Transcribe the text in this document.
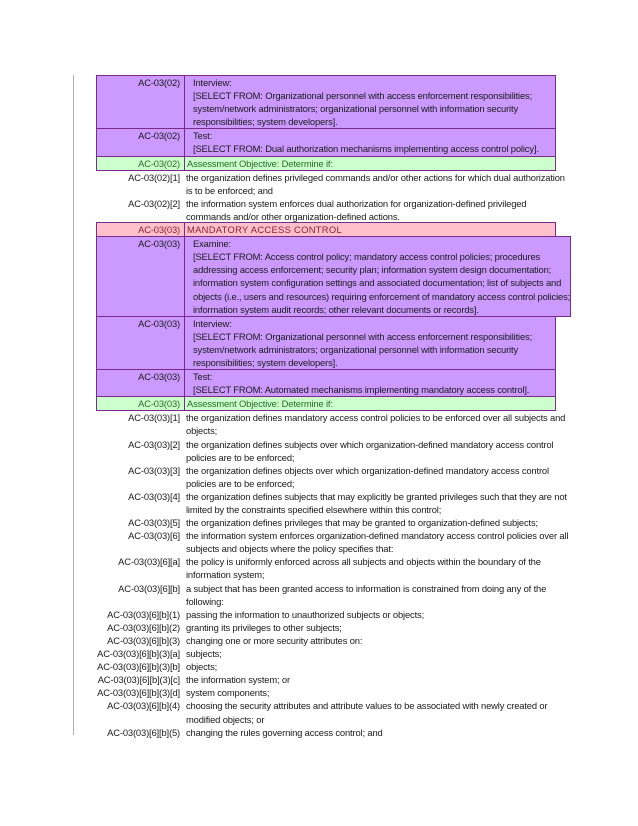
AC-03(02)	Interview:
[SELECT FROM: Organizational personnel with access enforcement responsibilities;
system/network administrators; organizational personnel with information security
responsibilities; system developers].
AC-03(02)	Test:
[SELECT FROM: Dual authorization mechanisms implementing access control policy].
AC-03(02) Assessment Objective: Determine if:
AC-03(02)[1] the organization defines privileged commands and/or other actions for which dual authorization
is to be enforced; and
AC-03(02)[2] the information system enforces dual authorization for organization-defined privileged
commands and/or other organization-defined actions.
AC-03(03) MANDATORY ACCESS CONTROL
AC-03(03)	Examine:
[SELECT FROM: Access control policy; mandatory access control policies; procedures
addressing access enforcement; security plan; information system design documentation;
information system configuration settings and associated documentation; list of subjects and
objects (i.e., users and resources) requiring enforcement of mandatory access control policies;
information system audit records; other relevant documents or records].
AC-03(03)	Interview:
[SELECT FROM: Organizational personnel with access enforcement responsibilities;
system/network administrators; organizational personnel with information security
responsibilities; system developers].
AC-03(03)	Test:
[SELECT FROM: Automated mechanisms implementing mandatory access control].
AC-03(03) Assessment Objective: Determine if:
AC-03(03)[1] the organization defines mandatory access control policies to be enforced over all subjects and
objects;
AC-03(03)[2] the organization defines subjects over which organization-defined mandatory access control
policies are to be enforced;
AC-03(03)[3] the organization defines objects over which organization-defined mandatory access control
policies are to be enforced;
AC-03(03)[4] the organization defines subjects that may explicitly be granted privileges such that they are not
limited by the constraints specified elsewhere within this control;
AC-03(03)[5] the organization defines privileges that may be granted to organization-defined subjects;
AC-03(03)[6] the information system enforces organization-defined mandatory access control policies over all
subjects and objects where the policy specifies that:
AC-03(03)[6][a] the policy is uniformly enforced across all subjects and objects within the boundary of the
information system;
AC-03(03)[6][b] a subject that has been granted access to information is constrained from doing any of the
following:
AC-03(03)[6][b](1) passing the information to unauthorized subjects or objects;
AC-03(03)[6][b](2) granting its privileges to other subjects;
AC-03(03)[6][b](3) changing one or more security attributes on:
AC-03(03)[6][b](3)[a] subjects;
AC-03(03)[6][b](3)[b] objects;
AC-03(03)[6][b](3)[c] the information system; or
AC-03(03)[6][b](3)[d] system components;
AC-03(03)[6][b](4) choosing the security attributes and attribute values to be associated with newly created or
modified objects; or
AC-03(03)[6][b](5) changing the rules governing access control; and
